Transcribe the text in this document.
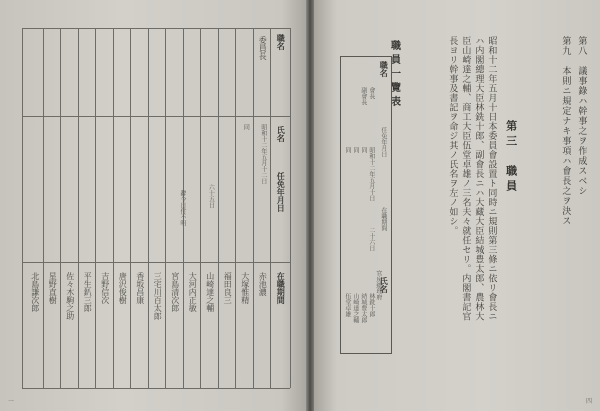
職名
氏名
任免年月日
在職期間
委員長
赤池濃
昭和十二年五月十二日
大塚惟精
同
福田良三
山崎達之輔
六十五日
大河内正敏
宮島清次郎
三宅川百太郎
香坂昌康
唐沢俊樹
吉野信次
平生釟三郎
佐々木駒之助
星野直樹
北島謙次郎
辭令日付不明
一
第八　議事錄ハ幹事之ヲ作成スベシ
第九　本則ニ規定ナキ事項ハ會長之ヲ決ス
第三　職員
昭和十二年五月十日本委員會設置ト同時ニ規則第三條ニ依リ會長ニ
ハ内閣總理大臣林銑十郎、副會長ニハ大藏大臣結城豊太郎、農林大
臣山崎達之輔、商工大臣伍堂卓雄ノ三名夫々就任セリ。内閣書記官
長ヨリ幹事及書記ヲ命ジ其ノ氏名ヲ左ノ如シ。
職員一覽表
職名
氏名
任免年月日
在職期間
會長
林銑十郎
昭和十二年五月十日
二十六日
副會長
結城豊太郎
同
山崎達之輔
同
伍堂卓雄
同
官房總理府
四
